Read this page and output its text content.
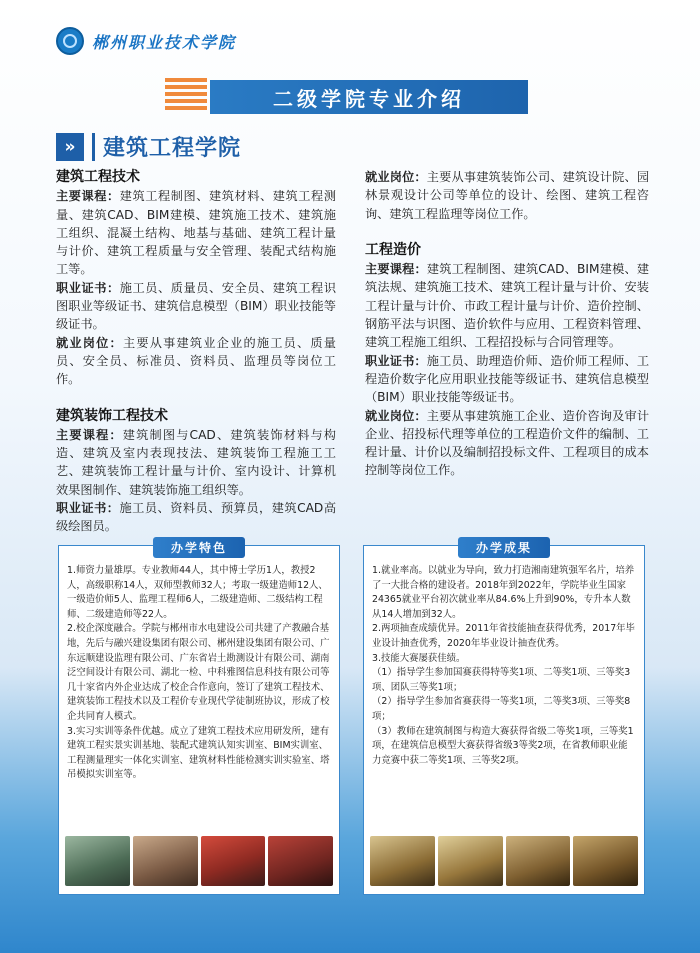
郴州职业技术学院
二级学院专业介绍
»	建筑工程学院

建筑工程技术

主要课程：建筑工程制图、建筑材料、建筑工程测量、建筑CAD、BIM建模、建筑施工技术、建筑施工组织、混凝土结构、地基与基础、建筑工程计量与计价、建筑工程质量与安全管理、装配式结构施工等。

职业证书：施工员、质量员、安全员、建筑工程识图职业等级证书、建筑信息模型（BIM）职业技能等级证书。

就业岗位：主要从事建筑业企业的施工员、质量员、安全员、标准员、资料员、监理员等岗位工作。

建筑装饰工程技术

主要课程：建筑制图与CAD、建筑装饰材料与构造、建筑及室内表现技法、建筑装饰工程施工工艺、建筑装饰工程计量与计价、室内设计、计算机效果图制作、建筑装饰施工组织等。

职业证书：施工员、资料员、预算员，建筑CAD高级绘图员。

就业岗位：主要从事建筑装饰公司、建筑设计院、园林景观设计公司等单位的设计、绘图、建筑工程咨询、建筑工程监理等岗位工作。

工程造价

主要课程：建筑工程制图、建筑CAD、BIM建模、建筑法规、建筑施工技术、建筑工程计量与计价、安装工程计量与计价、市政工程计量与计价、造价控制、钢筋平法与识图、造价软件与应用、工程资料管理、建筑工程施工组织、工程招投标与合同管理等。

职业证书：施工员、助理造价师、造价师工程师、工程造价数字化应用职业技能等级证书、建筑信息模型（BIM）职业技能等级证书。

就业岗位：主要从事建筑施工企业、造价咨询及审计企业、招投标代理等单位的工程造价文件的编制、工程计量、计价以及编制招投标文件、工程项目的成本控制等岗位工作。

办学特色

1.师资力量雄厚。专业教师44人，其中博士学历1人，教授2人，高级职称14人，双师型教师32人；考取一级建造师12人、一级造价师5人、监理工程师6人，二级建造师、二级结构工程师、二级建造师等22人。

2.校企深度融合。学院与郴州市水电建设公司共建了产教融合基地，先后与融兴建设集团有限公司、郴州建设集团有限公司、广东远顺建设监理有限公司、广东省岩土勘测设计有限公司、湖南泛空间设计有限公司、湖北一检、中科雅图信息科技有限公司等几十家省内外企业达成了校企合作意向，签订了建筑工程技术、建筑装饰工程技术以及工程价专业现代学徒制班协议，形成了校企共同育人模式。

3.实习实训等条件优越。成立了建筑工程技术应用研发所，建有建筑工程实景实训基地、装配式建筑认知实训室、BIM实训室、工程测量理实一体化实训室、建筑材料性能检测实训实验室、塔吊模拟实训室等。

办学成果

1.就业率高。以就业为导向，致力打造湘南建筑强军名片，培养了一大批合格的建设者。2018年到2022年，学院毕业生国家24365就业平台初次就业率从84.6%上升到90%，专升本人数从14人增加到32人。

2.两项抽查成绩优异。2011年省技能抽查获得优秀，2017年毕业设计抽查优秀，2020年毕业设计抽查优秀。

3.技能大赛屡获佳绩。

（1）指导学生参加国赛获得特等奖1项、二等奖1项、三等奖3项、团队三等奖1项；

（2）指导学生参加省赛获得一等奖1项，二等奖3项、三等奖8项；

（3）教师在建筑制图与构造大赛获得省级二等奖1项，三等奖1项，在建筑信息模型大赛获得省级3等奖2项，在省教师职业能力竞赛中获二等奖1项、三等奖2项。
